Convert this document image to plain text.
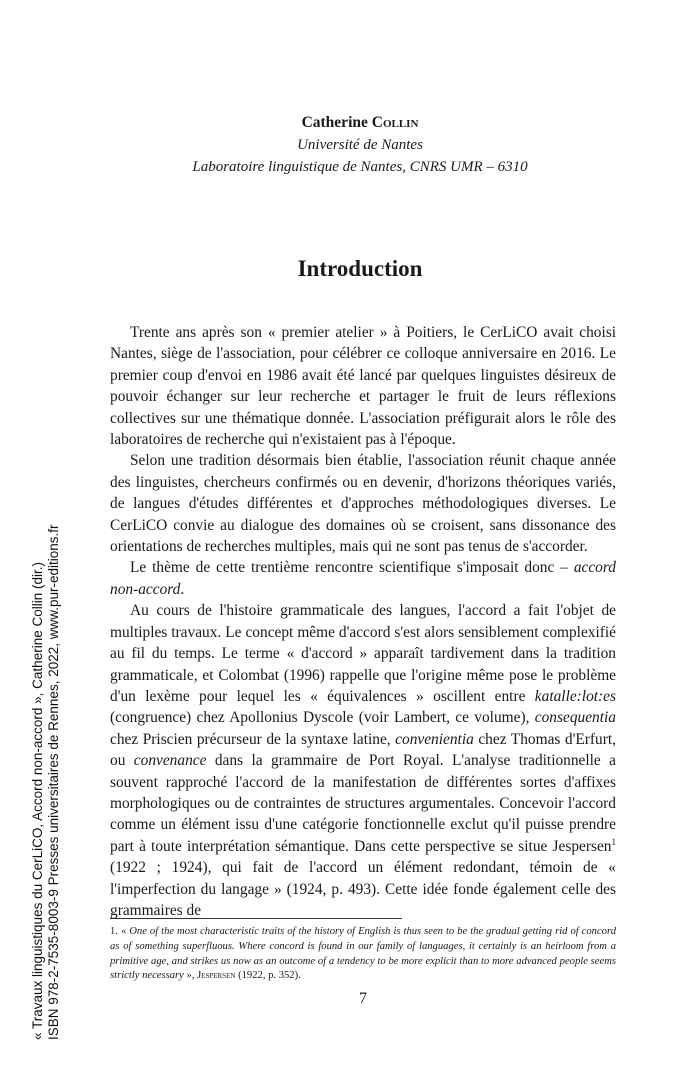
Catherine Collin
Université de Nantes
Laboratoire linguistique de Nantes, CNRS UMR – 6310
Introduction

Trente ans après son « premier atelier » à Poitiers, le CerLiCO avait choisi Nantes, siège de l'association, pour célébrer ce colloque anniversaire en 2016. Le premier coup d'envoi en 1986 avait été lancé par quelques linguistes désireux de pouvoir échanger sur leur recherche et partager le fruit de leurs réflexions collectives sur une thématique donnée. L'association préfigurait alors le rôle des laboratoires de recherche qui n'existaient pas à l'époque.

Selon une tradition désormais bien établie, l'association réunit chaque année des linguistes, chercheurs confirmés ou en devenir, d'horizons théoriques variés, de langues d'études différentes et d'approches méthodologiques diverses. Le CerLiCO convie au dialogue des domaines où se croisent, sans dissonance des orientations de recherches multiples, mais qui ne sont pas tenus de s'accorder.

Le thème de cette trentième rencontre scientifique s'imposait donc – accord non-accord.

Au cours de l'histoire grammaticale des langues, l'accord a fait l'objet de multiples travaux. Le concept même d'accord s'est alors sensiblement complexifié au fil du temps. Le terme « d'accord » apparaît tardivement dans la tradition grammaticale, et Colombat (1996) rappelle que l'origine même pose le problème d'un lexème pour lequel les « équivalences » oscillent entre katalle:lot:es (congruence) chez Apollonius Dyscole (voir Lambert, ce volume), consequentia chez Priscien précurseur de la syntaxe latine, convenientia chez Thomas d'Erfurt, ou convenance dans la grammaire de Port Royal. L'analyse traditionnelle a souvent rapproché l'accord de la manifestation de différentes sortes d'affixes morphologiques ou de contraintes de structures argumentales. Concevoir l'accord comme un élément issu d'une catégorie fonctionnelle exclut qu'il puisse prendre part à toute interprétation sémantique. Dans cette perspective se situe Jespersen$^1$ (1922 ; 1924), qui fait de l'accord un élément redondant, témoin de « l'imperfection du langage » (1924, p. 493). Cette idée fonde également celle des grammaires de

1. « One of the most characteristic traits of the history of English is thus seen to be the gradual getting rid of concord as of something superfluous. Where concord is found in our family of languages, it certainly is an heirloom from a primitive age, and strikes us now as an outcome of a tendency to be more explicit than to more advanced people seems strictly necessary », Jespersen (1922, p. 352).
7
« Travaux linguistiques du CerLiCO, Accord non-accord », Catherine Collin (dir.) ISBN 978-2-7535-8003-9 Presses universitaires de Rennes, 2022, www.pur-editions.fr
